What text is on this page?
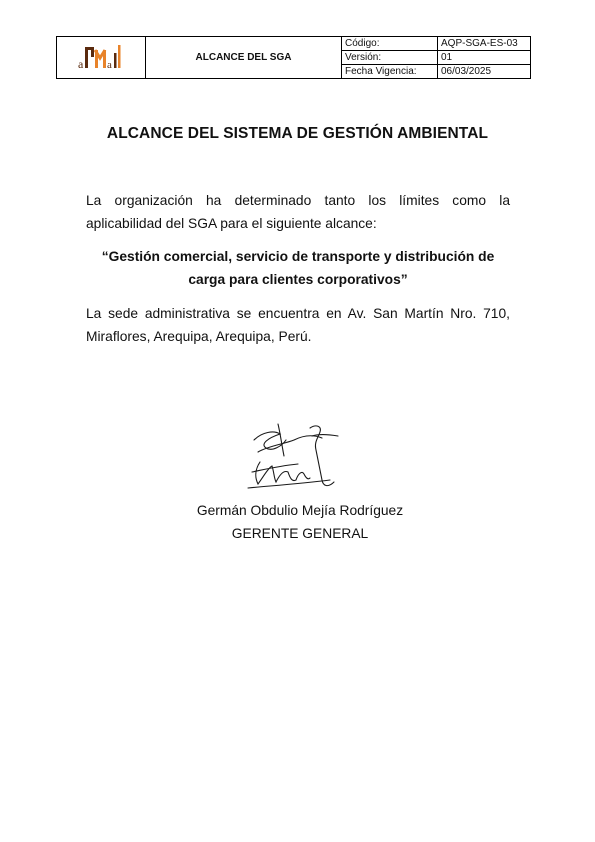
a a	ALCANCE DEL SGA	Código:	AQP-SGA-ES-03
		Versión:	01
		Fecha Vigencia:	06/03/2025
ALCANCE DEL SISTEMA DE GESTIÓN AMBIENTAL
La organización ha determinado tanto los límites como la aplicabilidad del SGA para el siguiente alcance:
“Gestión comercial, servicio de transporte y distribución de
carga para clientes corporativos”
La sede administrativa se encuentra en Av. San Martín Nro. 710, Miraflores, Arequipa, Arequipa, Perú.
Germán Obdulio Mejía Rodríguez
GERENTE GENERAL
